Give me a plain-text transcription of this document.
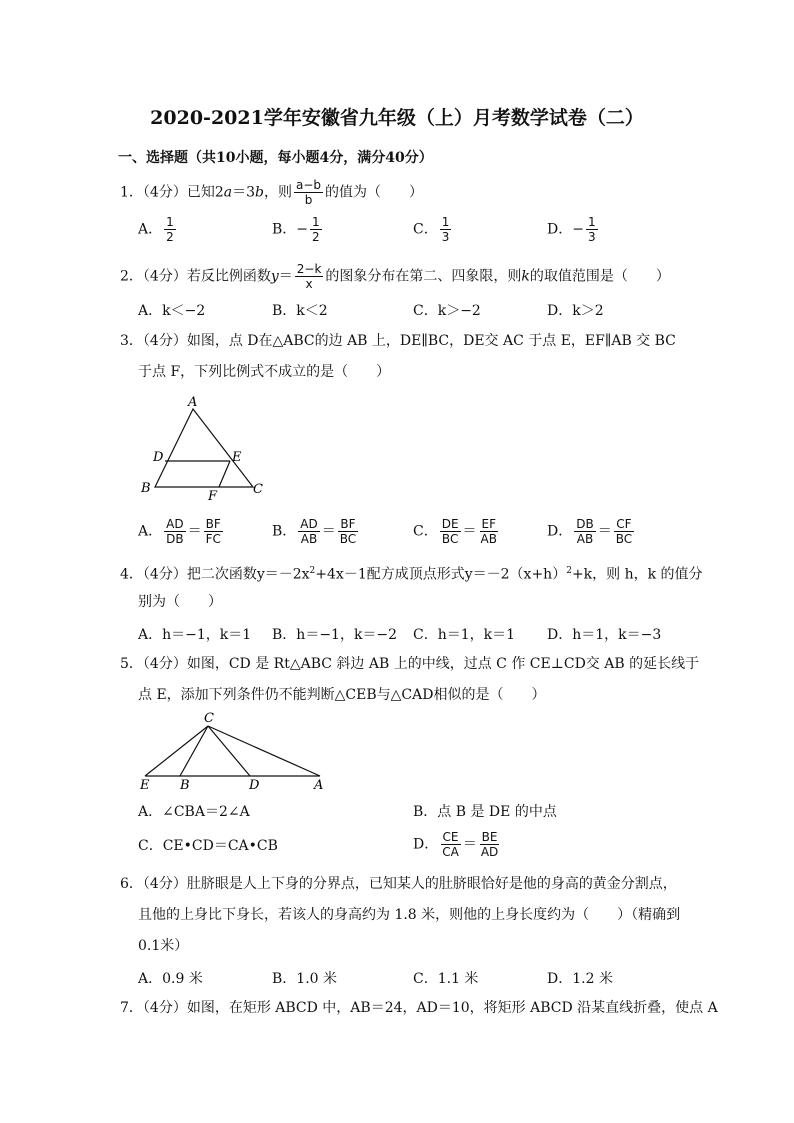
2020-2021学年安徽省九年级（上）月考数学试卷（二）
一、选择题（共10小题，每小题4分，满分40分）
1．（4分）已知2a＝3b，则 $\frac{a-b}{b}$ 的值为（　　）
A． $\frac{1}{2}$	B．− $\frac{1}{2}$	C． $\frac{1}{3}$	D．− $\frac{1}{3}$
2．（4分）若反比例函数$y= \frac{2-k}{x}$ 的图象分布在第二、四象限，则k的取值范围是（　　）
A．k＜−2	B．k＜2	C．k＞−2	D．k＞2
3．（4分）如图，点 D在△ABC的边 AB 上，DE∥BC，DE交 AC 于点 E，EF∥AB 交 BC
于点 F，下列比例式不成立的是（　　）
A
B	C
D	E
F
A． $\frac{AD}{DB} = \frac{BF}{FC}$	B． $\frac{AD}{AB} = \frac{BF}{BC}$	C． $\frac{DE}{BC} = \frac{EF}{AB}$	D． $\frac{DB}{AB} = \frac{CF}{BC}$
4．（4分）把二次函数$y=-2x^2+4x-1$配方成顶点形式$y=-2(x+h)^2+k$，则 h，k 的值分
别为（　　）
A．h＝−1，k＝1 B．h＝−1，k＝−2 C．h＝1，k＝1 D．h＝1，k＝−3
5．（4分）如图，CD 是 Rt△ABC 斜边 AB 上的中线，过点 C 作 CE⊥CD交 AB 的延长线于
点 E，添加下列条件仍不能判断△CEB与△CAD相似的是（　　）
C
E B	D	A
A．∠CBA＝2∠A	B．点 B 是 DE 的中点
C．CE•CD＝CA•CB	D． $\frac{CE}{CA} = \frac{BE}{AD}$
6．（4分）肚脐眼是人上下身的分界点，已知某人的肚脐眼恰好是他的身高的黄金分割点，
且他的上身比下身长，若该人的身高约为 1.8 米，则他的上身长度约为（　　）（精确到
0.1米）
A．0.9 米	B．1.0 米	C．1.1 米	D．1.2 米
7．（4分）如图，在矩形 ABCD 中，AB＝24，AD＝10，将矩形 ABCD 沿某直线折叠，使点 A
